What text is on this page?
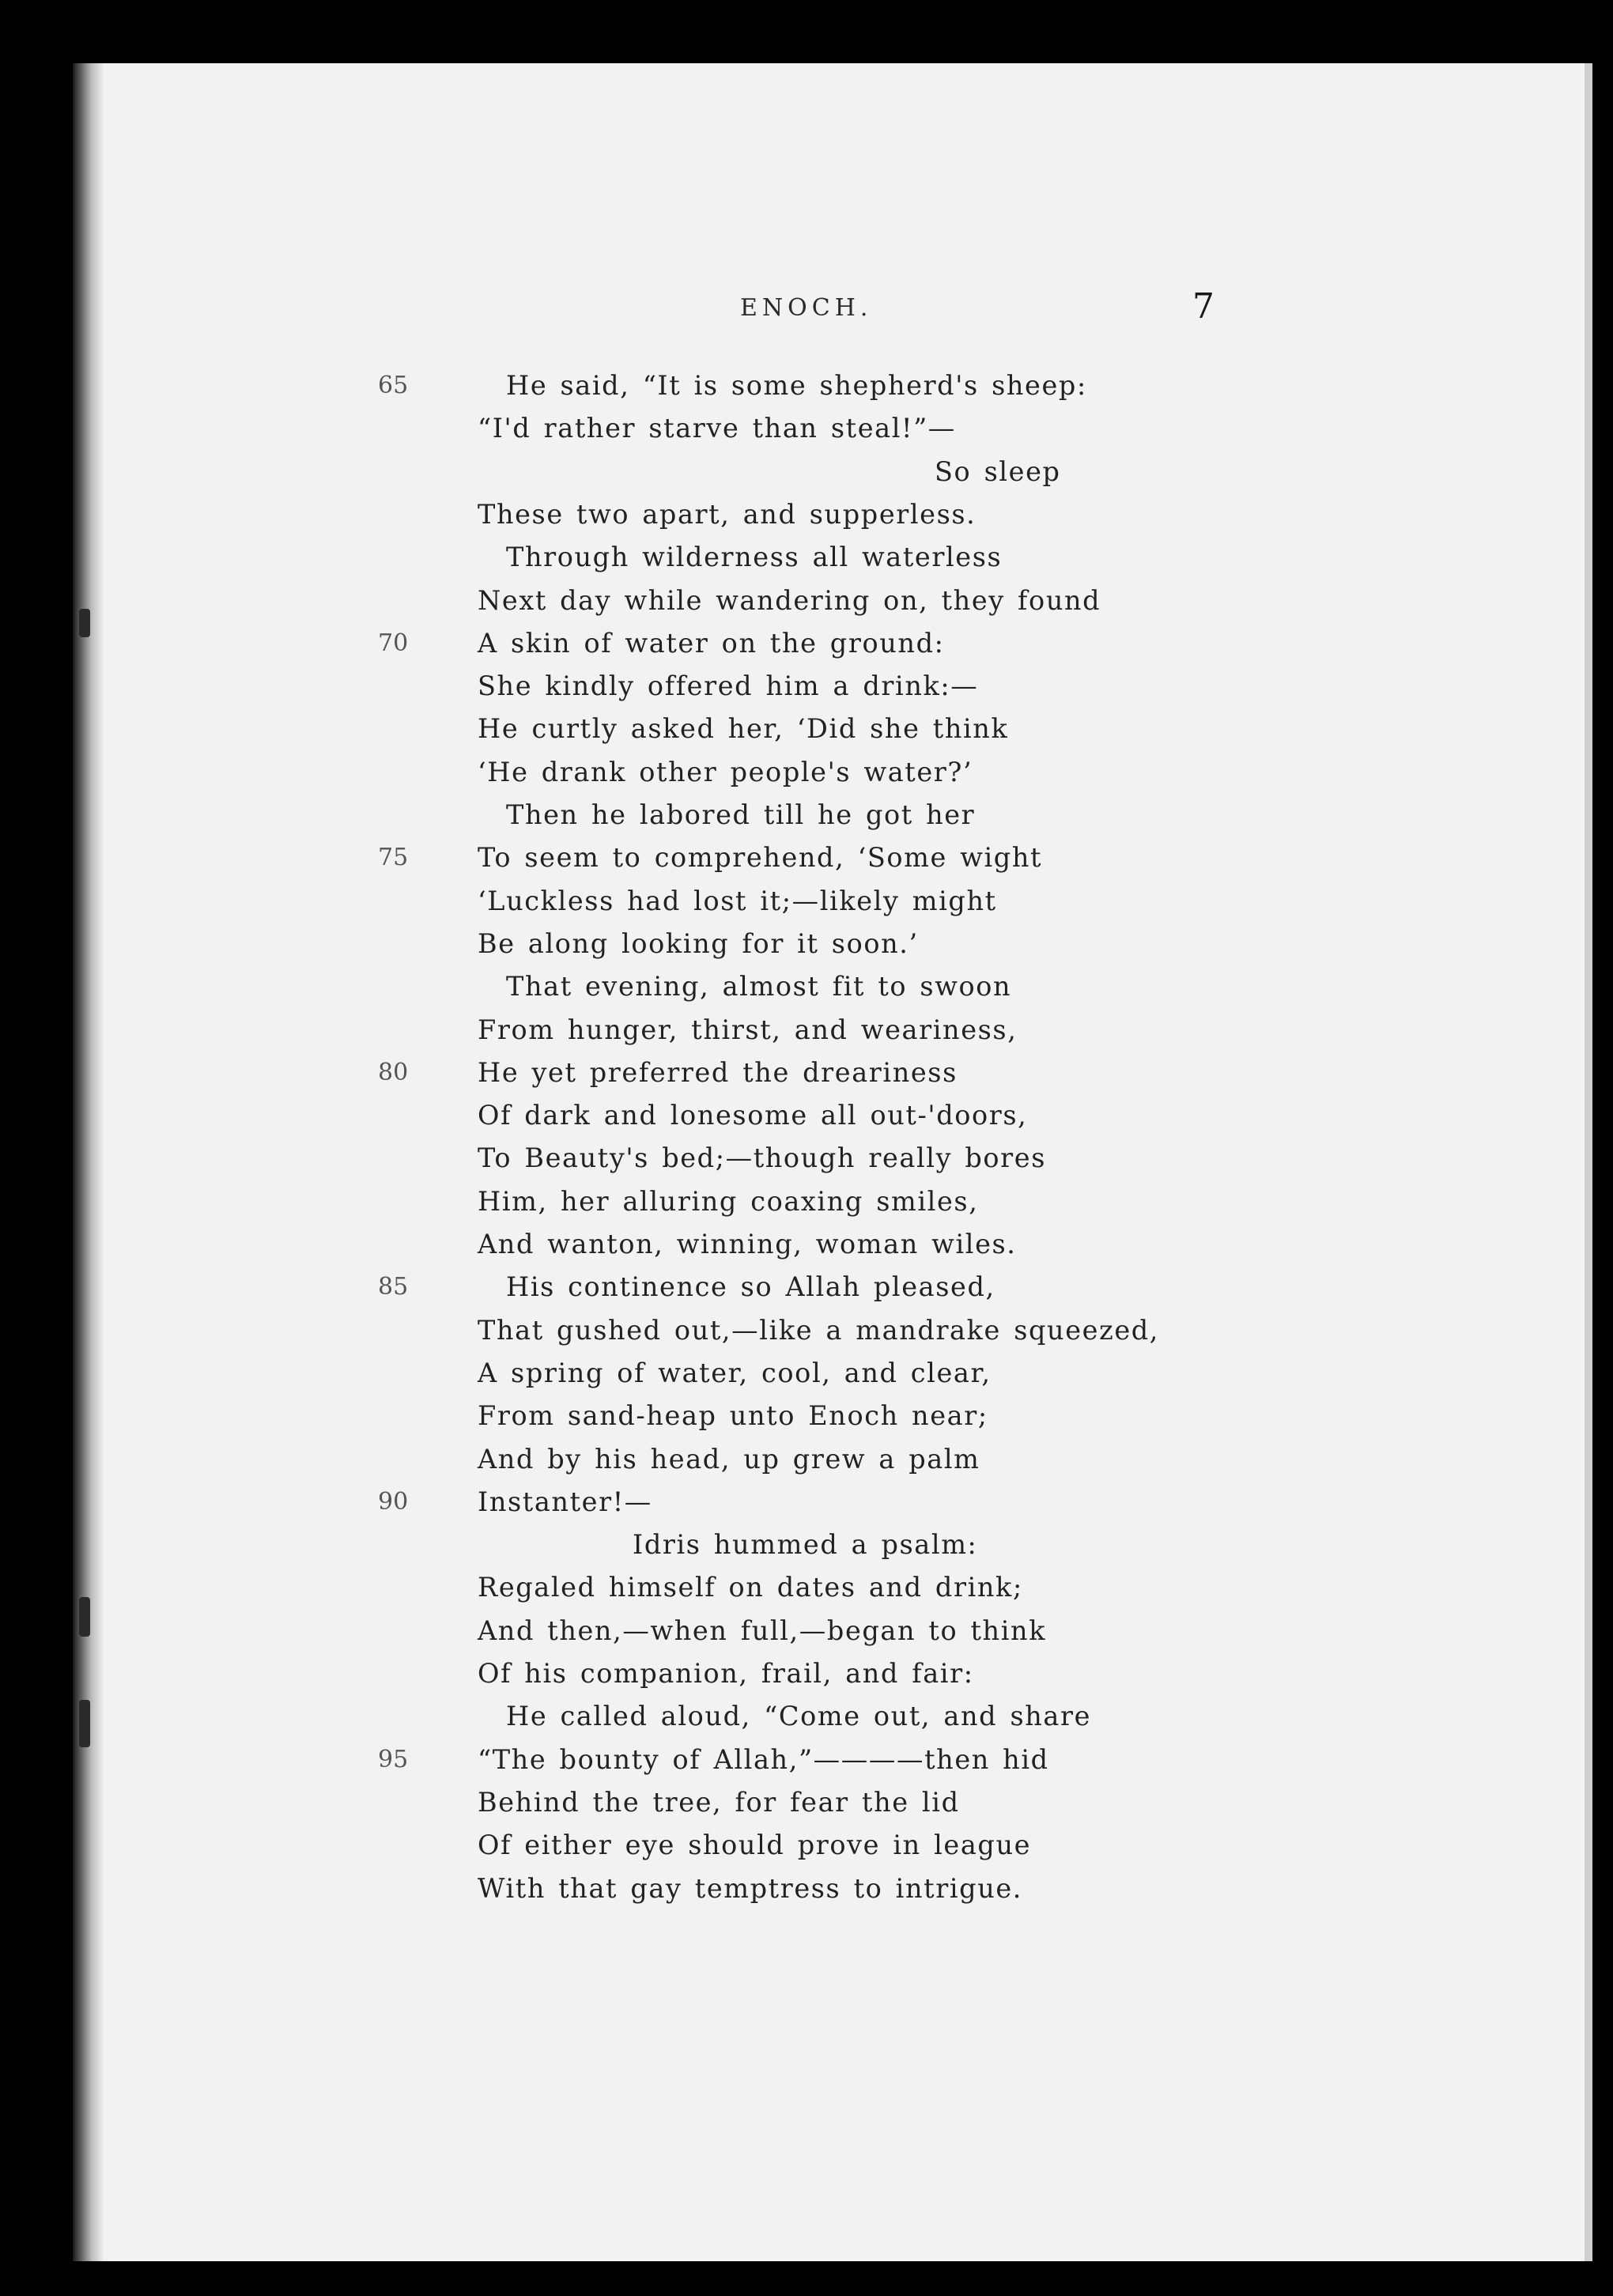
ENOCH.	7
65	He said, “It is some shepherd's sheep:
“I'd rather starve than steal!”—
So sleep
These two apart, and supperless.
Through wilderness all waterless
Next day while wandering on, they found
70	A skin of water on the ground:
She kindly offered him a drink:—
He curtly asked her, ‘Did she think
‘He drank other people's water?’
Then he labored till he got her
75	To seem to comprehend, ‘Some wight
‘Luckless had lost it;—likely might
Be along looking for it soon.’
That evening, almost fit to swoon
From hunger, thirst, and weariness,
80	He yet preferred the dreariness
Of dark and lonesome all out-'doors,
To Beauty's bed;—though really bores
Him, her alluring coaxing smiles,
And wanton, winning, woman wiles.
85	His continence so Allah pleased,
That gushed out,—like a mandrake squeezed,
A spring of water, cool, and clear,
From sand-heap unto Enoch near;
And by his head, up grew a palm
90	Instanter!—
Idris hummed a psalm:
Regaled himself on dates and drink;
And then,—when full,—began to think
Of his companion, frail, and fair:
He called aloud, “Come out, and share
95	“The bounty of Allah,”————then hid
Behind the tree, for fear the lid
Of either eye should prove in league
With that gay temptress to intrigue.
